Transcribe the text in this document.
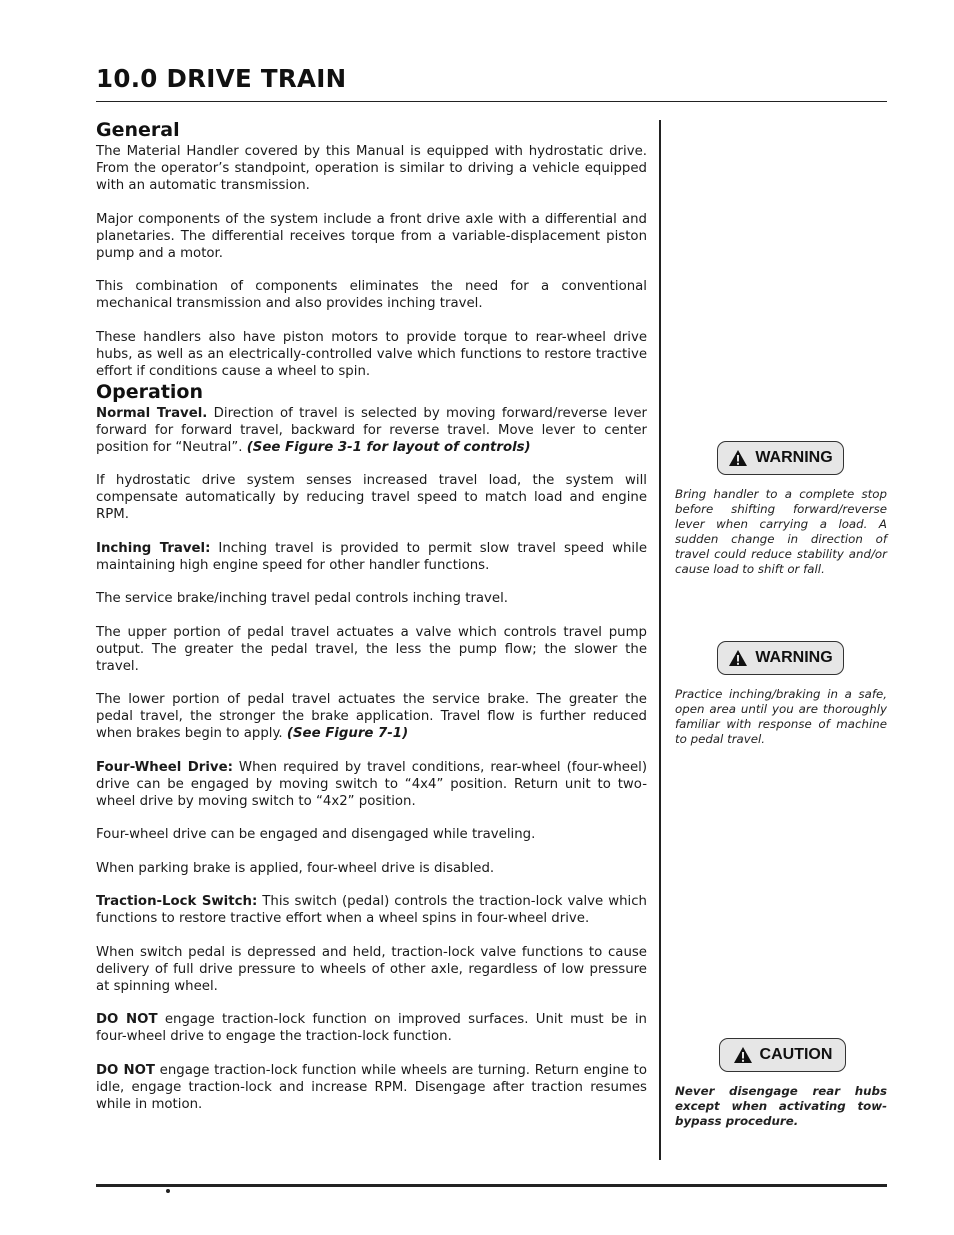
10.0 DRIVE TRAIN
General

The Material Handler covered by this Manual is equipped with hydrostatic drive. From the operator’s standpoint, operation is similar to driving a vehicle equipped with an automatic transmission.

Major components of the system include a front drive axle with a differential and planetaries. The differential receives torque from a variable-displacement piston pump and a motor.

This combination of components eliminates the need for a conventional mechanical transmission and also provides inching travel.

These handlers also have piston motors to provide torque to rear-wheel drive hubs, as well as an electrically-controlled valve which functions to restore tractive effort if conditions cause a wheel to spin.

Operation

Normal Travel. Direction of travel is selected by moving forward/reverse lever forward for forward travel, backward for reverse travel. Move lever to center position for “Neutral”. (See Figure 3-1 for layout of controls)

If hydrostatic drive system senses increased travel load, the system will compensate automatically by reducing travel speed to match load and engine RPM.

Inching Travel: Inching travel is provided to permit slow travel speed while maintaining high engine speed for other handler functions.

The service brake/inching travel pedal controls inching travel.

The upper portion of pedal travel actuates a valve which controls travel pump output. The greater the pedal travel, the less the pump flow; the slower the travel.

The lower portion of pedal travel actuates the service brake. The greater the pedal travel, the stronger the brake application. Travel flow is further reduced when brakes begin to apply. (See Figure 7-1)

Four-Wheel Drive: When required by travel conditions, rear-wheel (four-wheel) drive can be engaged by moving switch to “4x4” position. Return unit to two-wheel drive by moving switch to “4x2” position.

Four-wheel drive can be engaged and disengaged while traveling.

When parking brake is applied, four-wheel drive is disabled.

Traction-Lock Switch: This switch (pedal) controls the traction-lock valve which functions to restore tractive effort when a wheel spins in four-wheel drive.

When switch pedal is depressed and held, traction-lock valve functions to cause delivery of full drive pressure to wheels of other axle, regardless of low pressure at spinning wheel.

DO NOT engage traction-lock function on improved surfaces. Unit must be in four-wheel drive to engage the traction-lock function.

DO NOT engage traction-lock function while wheels are turning. Return engine to idle, engage traction-lock and increase RPM. Disengage after traction resumes while in motion.

WARNING

Bring handler to a complete stop before shifting forward/reverse lever when carrying a load. A sudden change in direction of travel could reduce stability and/or cause load to shift or fall.

WARNING

Practice inching/braking in a safe, open area until you are thoroughly familiar with response of machine to pedal travel.

CAUTION

Never disengage rear hubs except when activating tow-bypass procedure.
